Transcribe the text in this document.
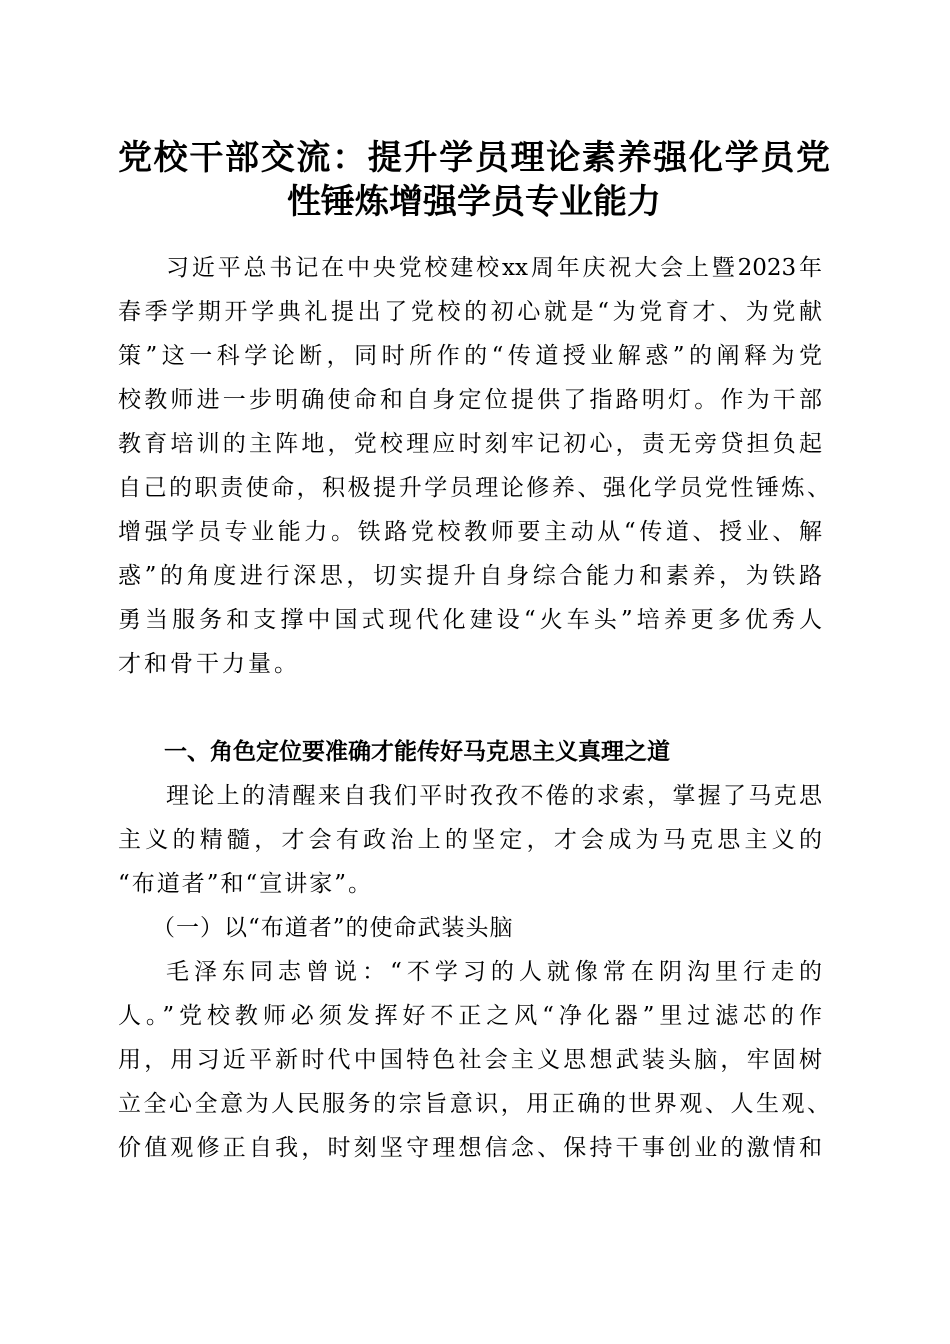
党校干部交流：提升学员理论素养强化学员党
性锤炼增强学员专业能力
习近平总书记在中央党校建校xx周年庆祝大会上暨2023年
春季学期开学典礼提出了党校的初心就是“为党育才、为党献
策”这一科学论断，同时所作的“传道授业解惑”的阐释为党
校教师进一步明确使命和自身定位提供了指路明灯。作为干部
教育培训的主阵地，党校理应时刻牢记初心，责无旁贷担负起
自己的职责使命，积极提升学员理论修养、强化学员党性锤炼、
增强学员专业能力。铁路党校教师要主动从“传道、授业、解
惑”的角度进行深思，切实提升自身综合能力和素养，为铁路
勇当服务和支撑中国式现代化建设“火车头”培养更多优秀人
才和骨干力量。
一、角色定位要准确才能传好马克思主义真理之道
理论上的清醒来自我们平时孜孜不倦的求索，掌握了马克思
主义的精髓，才会有政治上的坚定，才会成为马克思主义的
“布道者”和“宣讲家”。
（一）以“布道者”的使命武装头脑
毛泽东同志曾说：“不学习的人就像常在阴沟里行走的
人。”党校教师必须发挥好不正之风“净化器”里过滤芯的作
用，用习近平新时代中国特色社会主义思想武装头脑，牢固树
立全心全意为人民服务的宗旨意识，用正确的世界观、人生观、
价值观修正自我，时刻坚守理想信念、保持干事创业的激情和
